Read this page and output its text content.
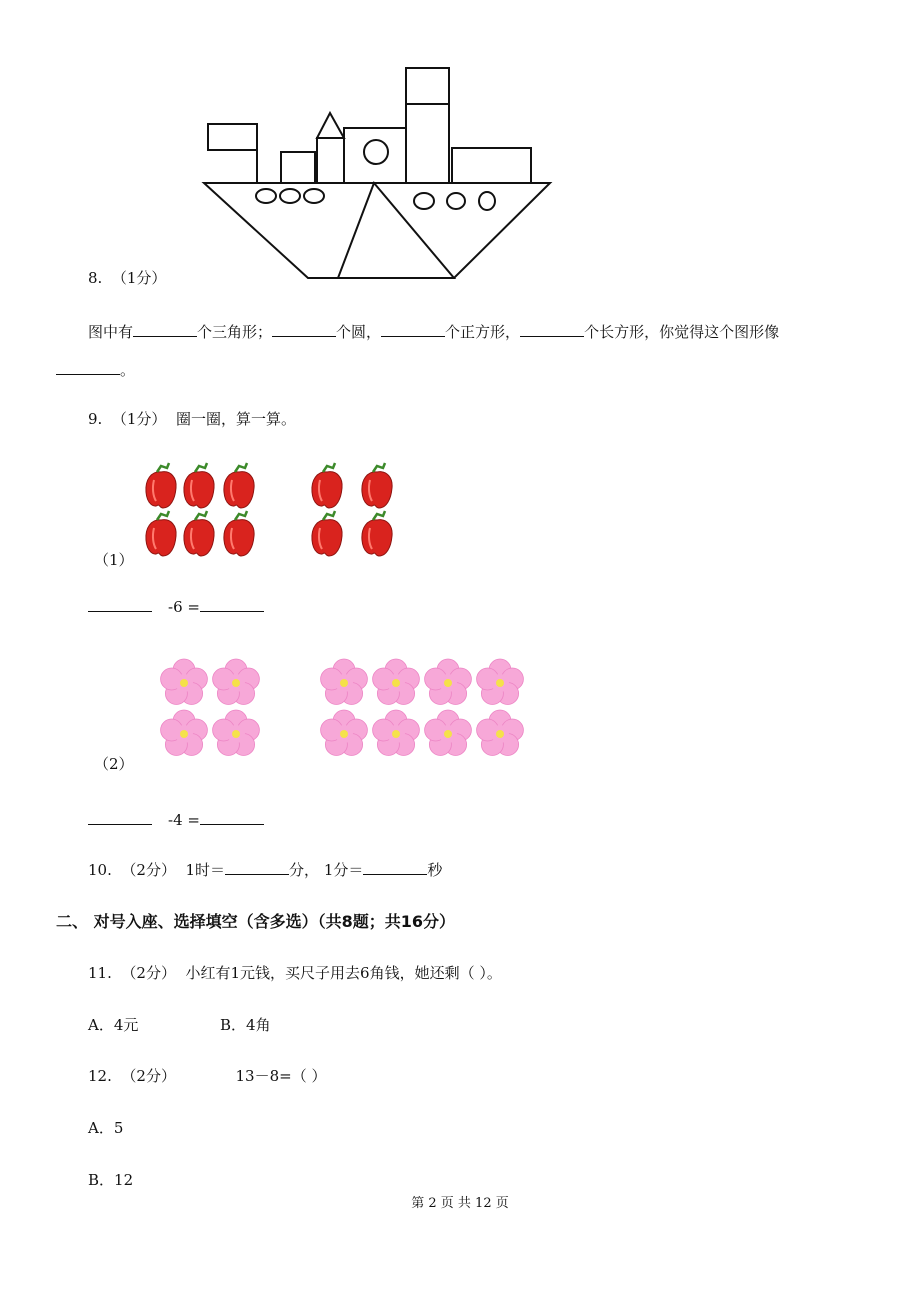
8. （1分）
图中有	个三角形；	个圆，	个正方形，	个长方形，你觉得这个图形像
。
9. （1分） 圈一圈，算一算。
（1）
-6 =
（2）
-4 =
10. （2分） 1时＝	分， 1分＝	秒
二、 对号入座、选择填空（含多选）（共8题；共16分）
11. （2分） 小红有1元钱，买尺子用去6角钱，她还剩（ ）。
A．4元	B．4角
12. （2分）	13－8=（ ）
A．5
B．12
第 2 页 共 12 页
